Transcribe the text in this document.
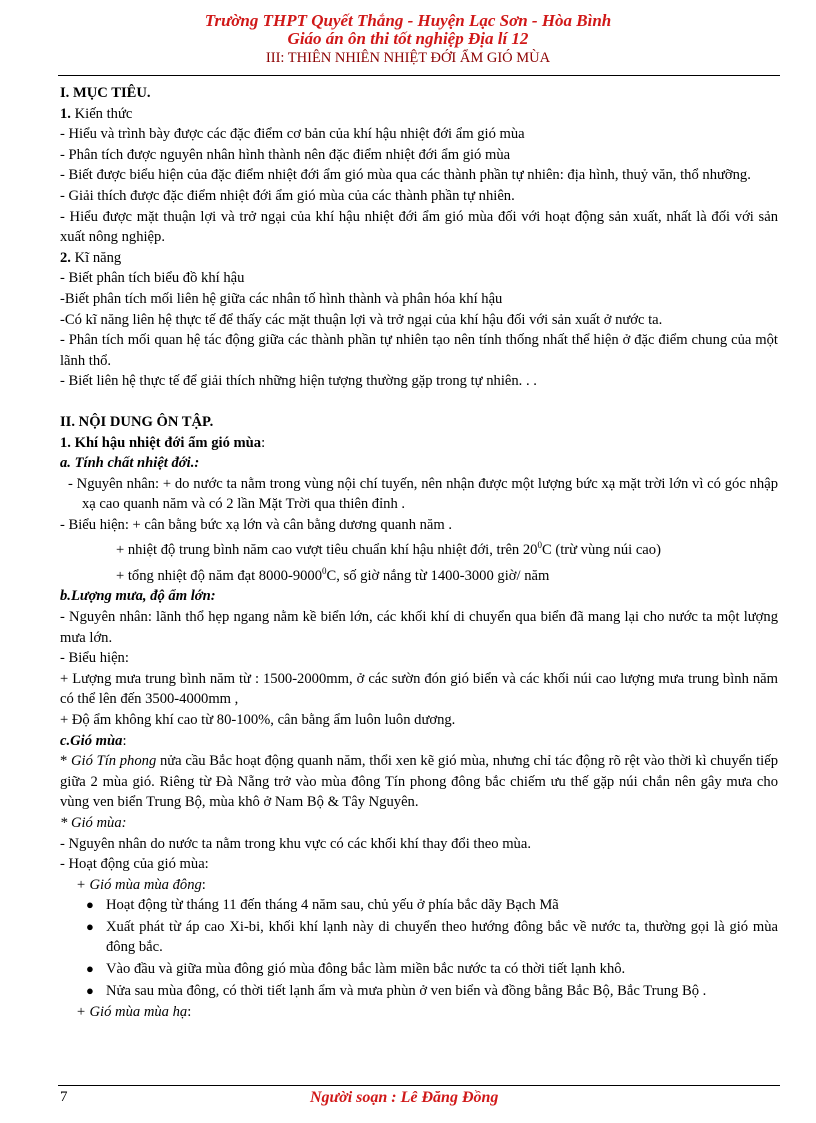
Trường THPT Quyết Thắng - Huyện Lạc Sơn - Hòa Bình
Giáo án ôn thi tốt nghiệp Địa lí 12
III: THIÊN NHIÊN NHIỆT ĐỚI ẨM GIÓ MÙA

I. MỤC TIÊU.

1. Kiến thức

- Hiểu và trình bày được các đặc điểm cơ bản của khí hậu nhiệt đới ẩm gió mùa

- Phân tích được nguyên nhân hình thành nên đặc điểm nhiệt đới ẩm gió mùa

- Biết được biểu hiện của đặc điểm nhiệt đới ẩm gió mùa qua các thành phần tự nhiên: địa hình, thuỷ văn, thổ nhưỡng.

- Giải thích được đặc điểm nhiệt đới ẩm gió mùa của các thành phần tự nhiên.

- Hiểu được mặt thuận lợi và trở ngại của khí hậu nhiệt đới ẩm gió mùa đối với hoạt động sản xuất, nhất là đối với sản xuất nông nghiệp.

2. Kĩ năng

- Biết phân tích biểu đồ khí hậu

-Biết phân tích mối liên hệ giữa các nhân tố hình thành và phân hóa khí hậu

-Có kĩ năng liên hệ thực tế để thấy các mặt thuận lợi và trở ngại của khí hậu đối với sản xuất ở nước ta.

- Phân tích mối quan hệ tác động giữa các thành phần tự nhiên tạo nên tính thống nhất thể hiện ở đặc điểm chung của một lãnh thổ.

- Biết liên hệ thực tế để giải thích những hiện tượng thường gặp trong tự nhiên. . .

II. NỘI DUNG ÔN TẬP.

1. Khí hậu nhiệt đới ẩm gió mùa:

a. Tính chất nhiệt đới.:

- Nguyên nhân: + do nước ta nằm trong vùng nội chí tuyến, nên nhận được một lượng bức xạ mặt trời lớn vì có góc nhập xạ cao quanh năm và có 2 lần Mặt Trời qua thiên đỉnh .

- Biểu hiện: + cân bằng bức xạ lớn và cân bằng dương quanh năm .

+ nhiệt độ trung bình năm cao vượt tiêu chuẩn khí hậu nhiệt đới, trên $20^0C$ (trừ vùng núi cao)

+ tổng nhiệt độ năm đạt 8000-9000$^0$C, số giờ nắng từ 1400-3000 giờ/ năm

b.Lượng mưa, độ ẩm lớn:

- Nguyên nhân: lãnh thổ hẹp ngang nằm kề biển lớn, các khối khí di chuyển qua biển đã mang lại cho nước ta một lượng mưa lớn.

- Biểu hiện:

+ Lượng mưa trung bình năm từ : 1500-2000mm, ở các sườn đón gió biển và các khối núi cao lượng mưa trung bình năm có thể lên đến 3500-4000mm ,

+ Độ ẩm không khí cao từ 80-100%, cân bằng ẩm luôn luôn dương.

c.Gió mùa:

* Gió Tín phong nửa cầu Bắc hoạt động quanh năm, thổi xen kẽ gió mùa, nhưng chỉ tác động rõ rệt vào thời kì chuyển tiếp giữa 2 mùa gió. Riêng từ Đà Nẵng trở vào mùa đông Tín phong đông bắc chiếm ưu thế gặp núi chắn nên gây mưa cho vùng ven biển Trung Bộ, mùa khô ở Nam Bộ & Tây Nguyên.

* Gió mùa:

- Nguyên nhân do nước ta nằm trong khu vực có các khối khí thay đổi theo mùa.

- Hoạt động của gió mùa:

+ Gió mùa mùa đông:

● Hoạt động từ tháng 11 đến tháng 4 năm sau, chủ yếu ở phía bắc dãy Bạch Mã
● Xuất phát từ áp cao Xi-bi, khối khí lạnh này di chuyển theo hướng đông bắc về nước ta, thường gọi là gió mùa đông bắc.
● Vào đầu và giữa mùa đông gió mùa đông bắc làm miền bắc nước ta có thời tiết lạnh khô.
● Nửa sau mùa đông, có thời tiết lạnh ẩm và mưa phùn ở ven biển và đồng bằng Bắc Bộ, Bắc Trung Bộ .

+ Gió mùa mùa hạ:

7	Người soạn : Lê Đăng Đồng
